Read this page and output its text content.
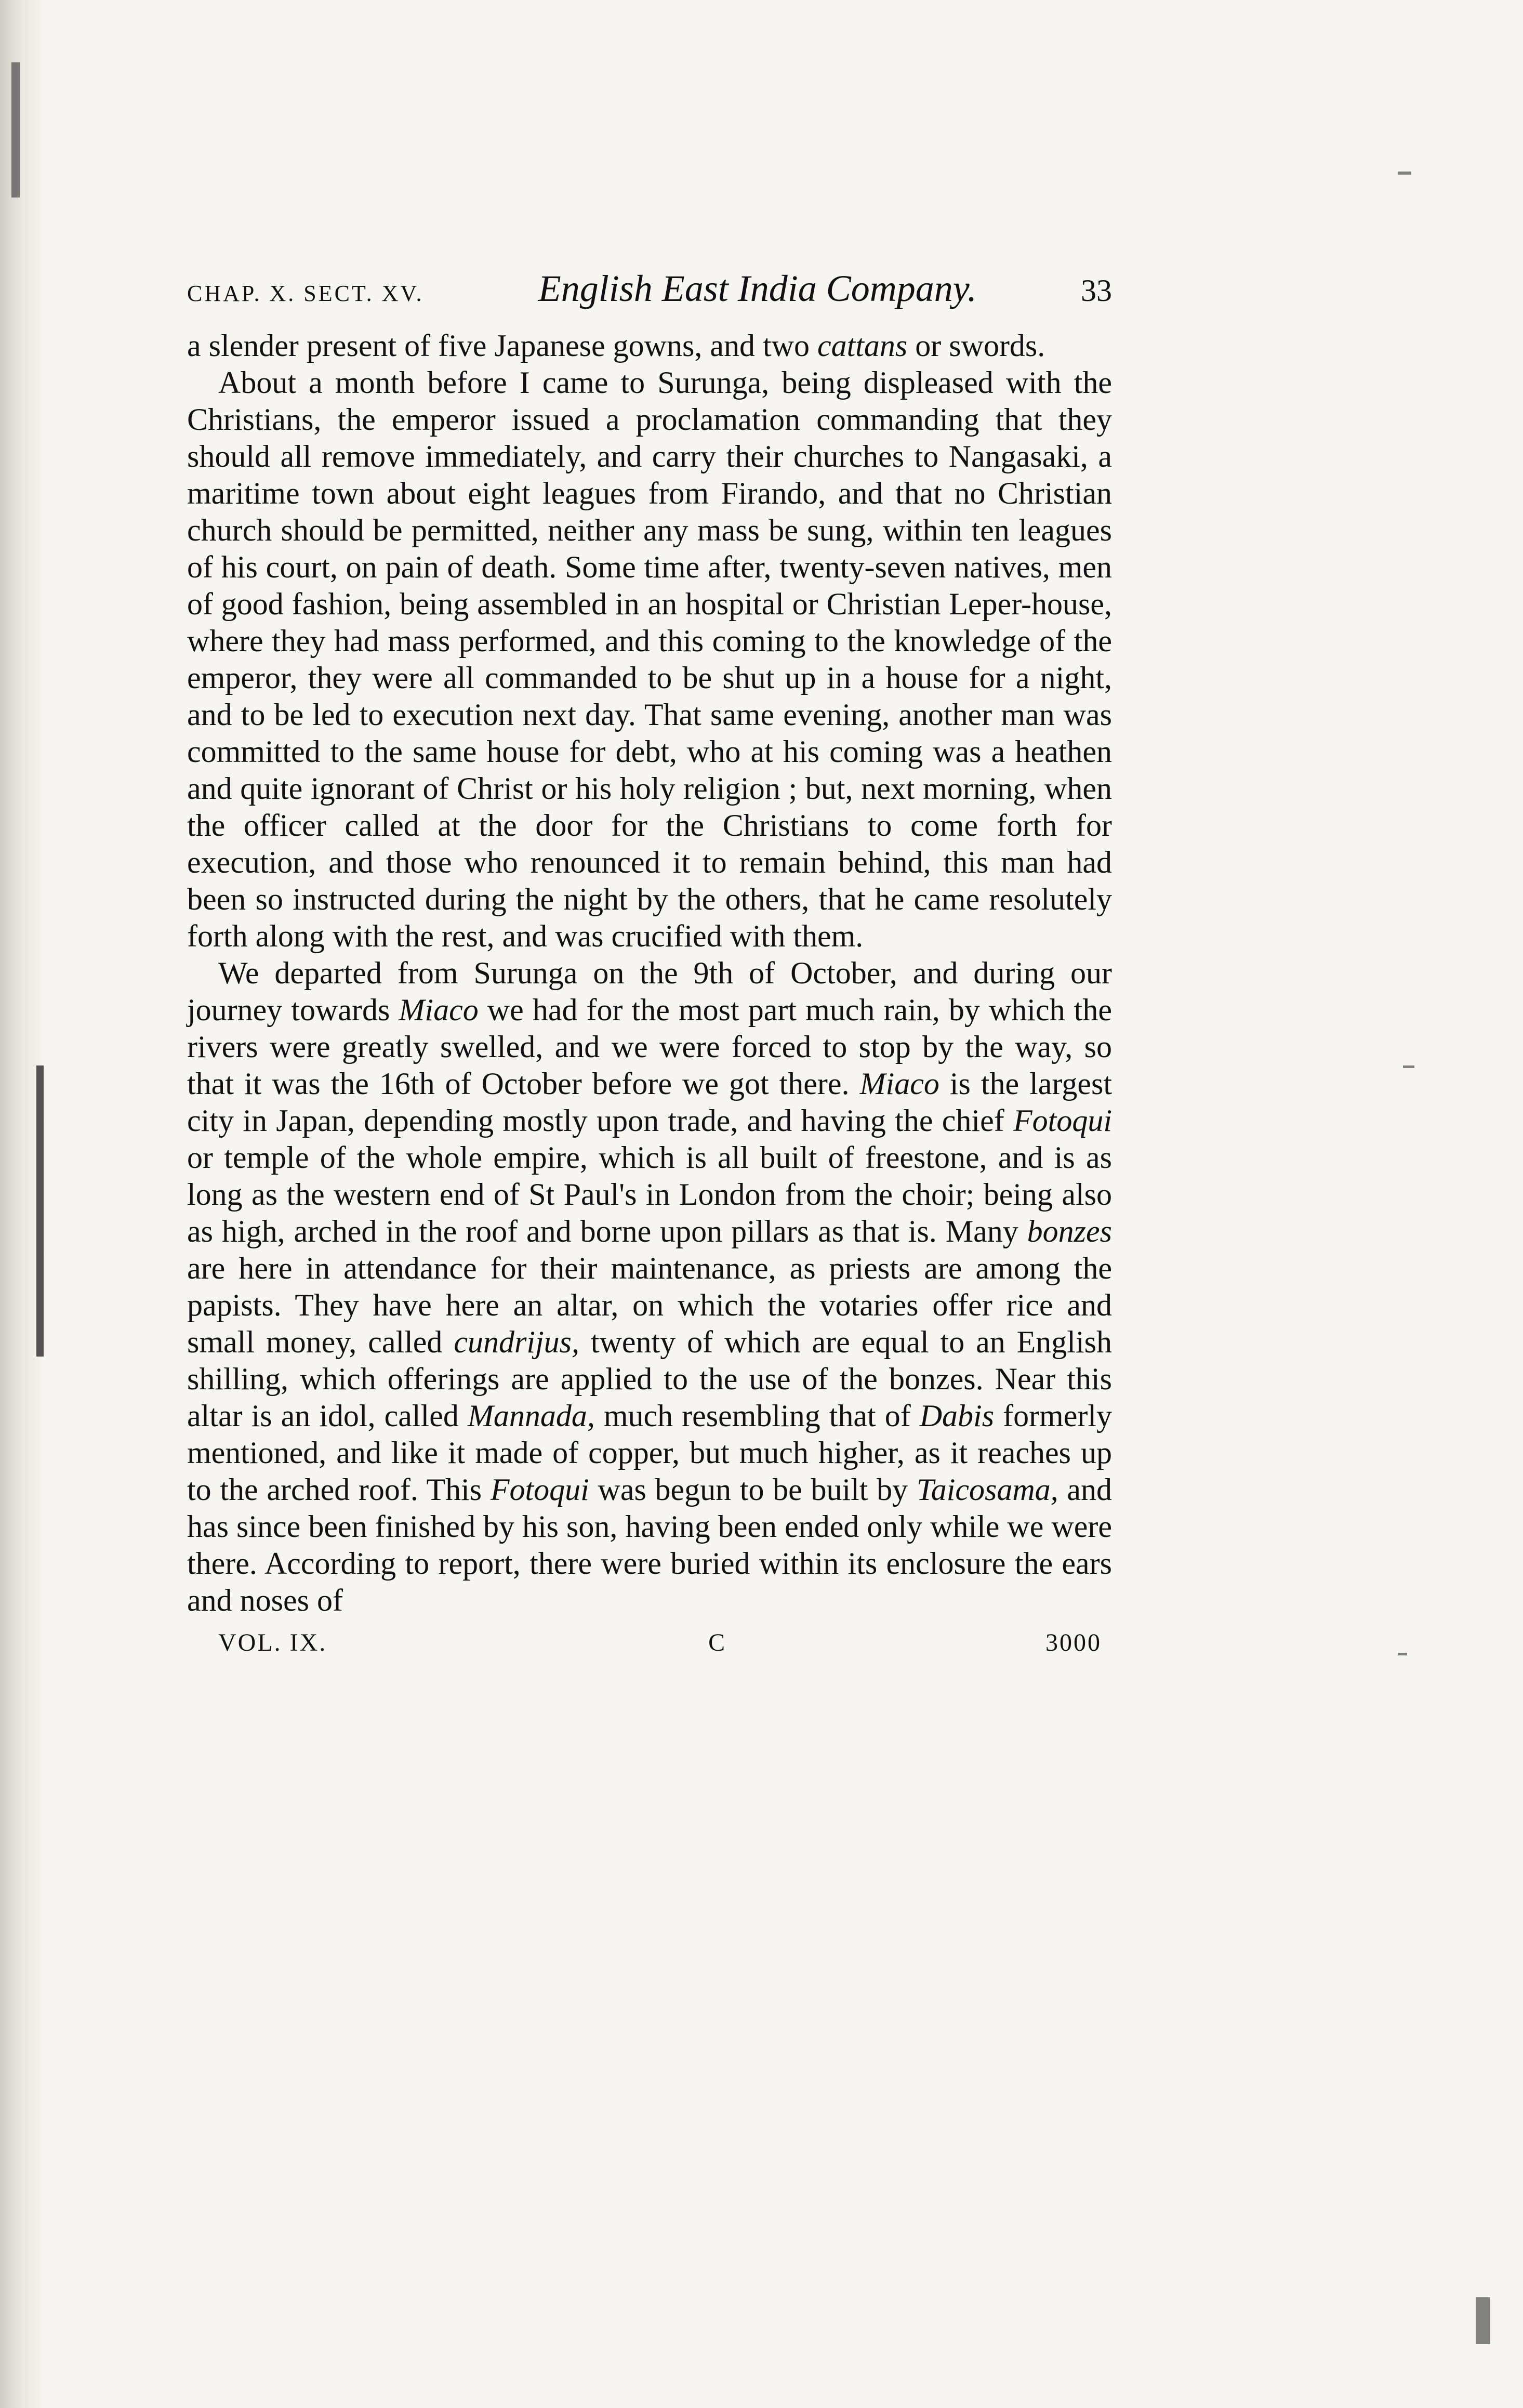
CHAP. X. SECT. XV.	English East India Company.	33

a slender present of five Japanese gowns, and two cattans or swords.

About a month before I came to Surunga, being displeased with the Christians, the emperor issued a proclamation commanding that they should all remove immediately, and carry their churches to Nangasaki, a maritime town about eight leagues from Firando, and that no Christian church should be permitted, neither any mass be sung, within ten leagues of his court, on pain of death. Some time after, twenty-seven natives, men of good fashion, being assembled in an hospital or Christian Leper-house, where they had mass performed, and this coming to the knowledge of the emperor, they were all commanded to be shut up in a house for a night, and to be led to execution next day. That same evening, another man was committed to the same house for debt, who at his coming was a heathen and quite ignorant of Christ or his holy religion ; but, next morning, when the officer called at the door for the Christians to come forth for execution, and those who renounced it to remain behind, this man had been so instructed during the night by the others, that he came resolutely forth along with the rest, and was crucified with them.

We departed from Surunga on the 9th of October, and during our journey towards Miaco we had for the most part much rain, by which the rivers were greatly swelled, and we were forced to stop by the way, so that it was the 16th of October before we got there. Miaco is the largest city in Japan, depending mostly upon trade, and having the chief Fotoqui or temple of the whole empire, which is all built of freestone, and is as long as the western end of St Paul's in London from the choir; being also as high, arched in the roof and borne upon pillars as that is. Many bonzes are here in attendance for their maintenance, as priests are among the papists. They have here an altar, on which the votaries offer rice and small money, called cundrijus, twenty of which are equal to an English shilling, which offerings are applied to the use of the bonzes. Near this altar is an idol, called Mannada, much resembling that of Dabis formerly mentioned, and like it made of copper, but much higher, as it reaches up to the arched roof. This Fotoqui was begun to be built by Taicosama, and has since been finished by his son, having been ended only while we were there. According to report, there were buried within its enclosure the ears and noses of

VOL. IX.	C	3000
